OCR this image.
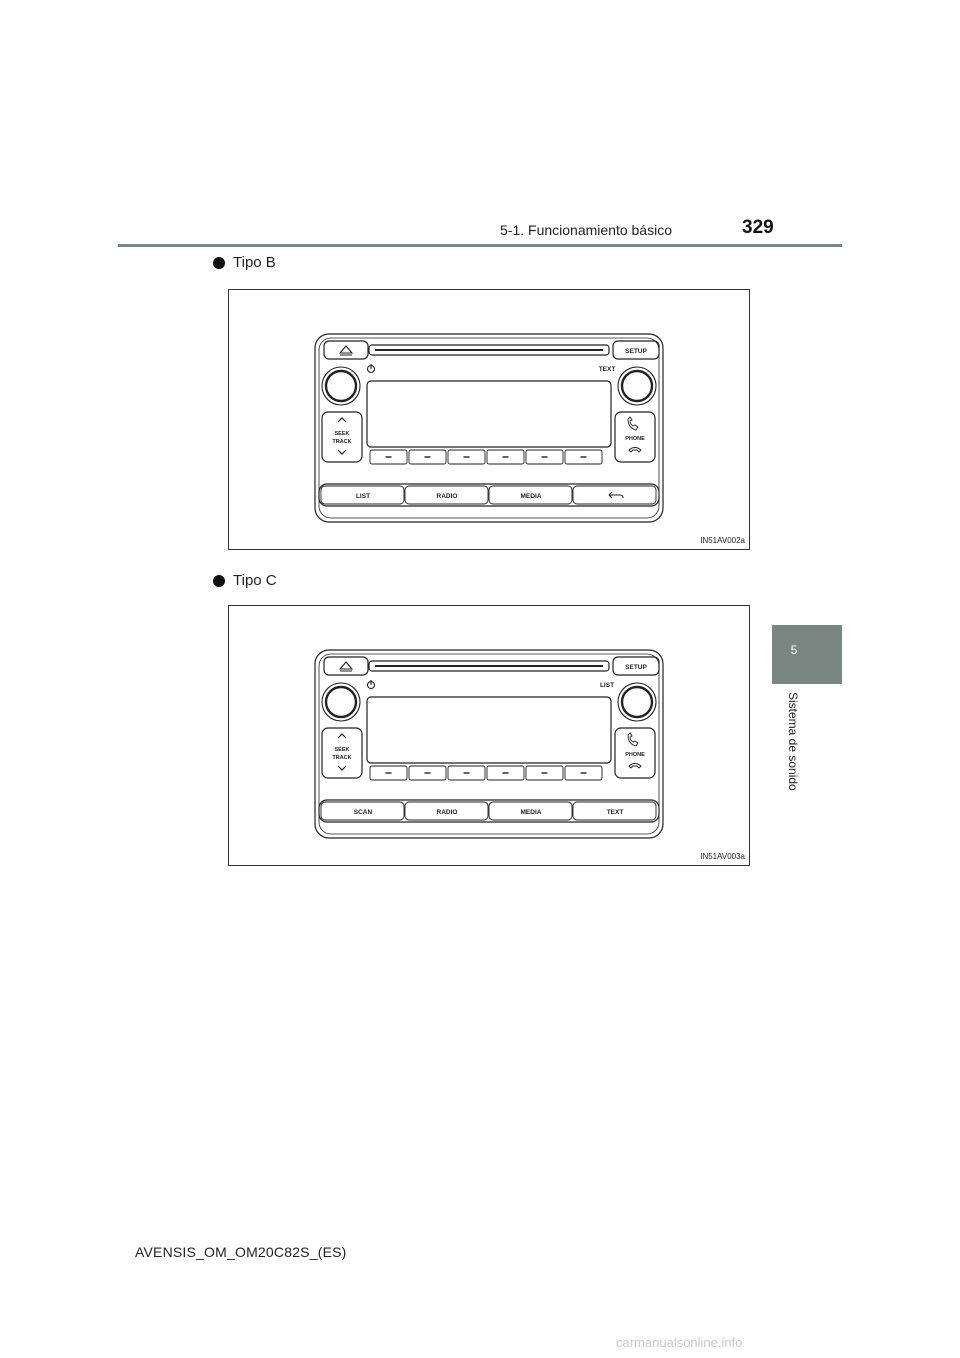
5-1. Funcionamiento básico	329
5
Sistema de sonido
Tipo B
SETUP
TEXT
SEEK
TRACK	PHONE
LIST	RADIO	MEDIA
IN51AV002a
Tipo C
SETUP
LIST
SEEK
TRACK	PHONE
SCAN	RADIO	MEDIA	TEXT
IN51AV003a
AVENSIS_OM_OM20C82S_(ES)
carmanualsonline.info
